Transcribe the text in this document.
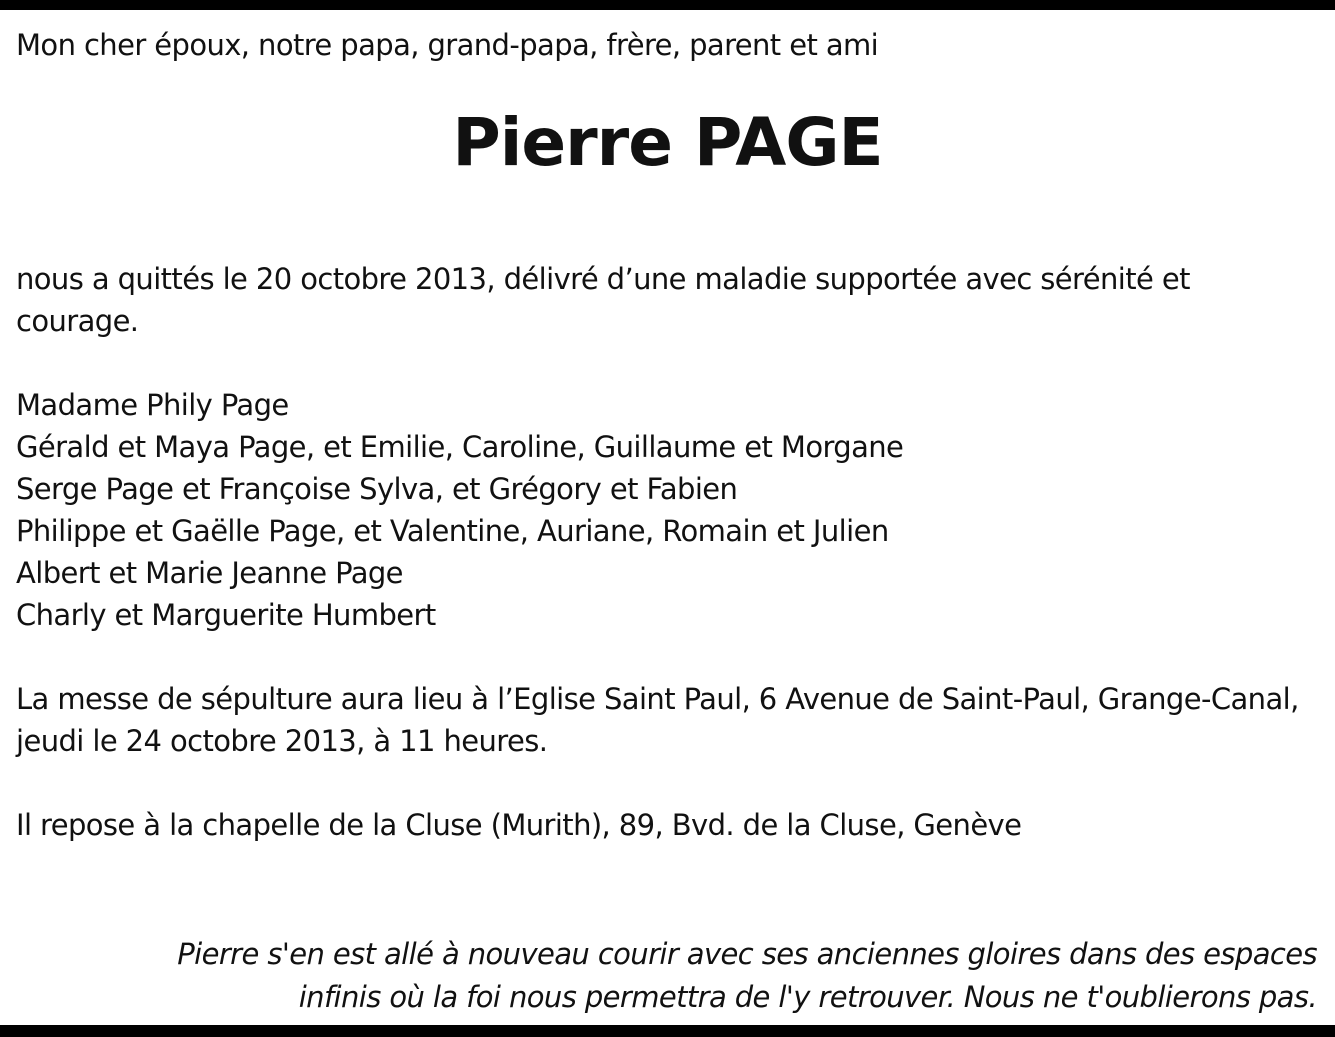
Mon cher époux, notre papa, grand-papa, frère, parent et ami

Pierre PAGE

nous a quittés le 20 octobre 2013, délivré d’une maladie supportée avec sérénité et courage.

Madame Phily Page
Gérald et Maya Page, et Emilie, Caroline, Guillaume et Morgane
Serge Page et Françoise Sylva, et Grégory et Fabien
Philippe et Gaëlle Page, et Valentine, Auriane, Romain et Julien
Albert et Marie Jeanne Page
Charly et Marguerite Humbert

La messe de sépulture aura lieu à l’Eglise Saint Paul, 6 Avenue de Saint-Paul, Grange-Canal, jeudi le 24 octobre 2013, à 11 heures.

Il repose à la chapelle de la Cluse (Murith), 89, Bvd. de la Cluse, Genève

Pierre s'en est allé à nouveau courir avec ses anciennes gloires dans des espaces
infinis où la foi nous permettra de l'y retrouver. Nous ne t'oublierons pas.
